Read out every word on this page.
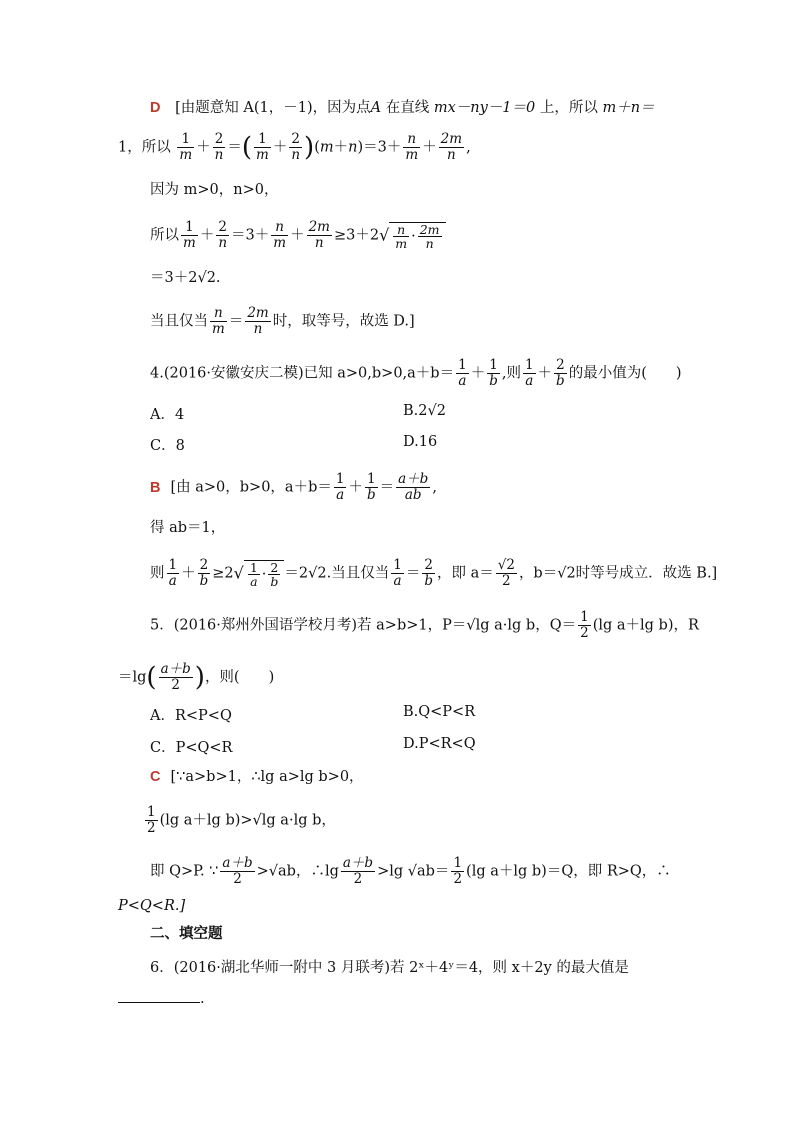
D [由题意知 A(1，－1)，因为点A 在直线 mx－ny－1＝0 上，所以 m＋n＝
1，所以 $\frac{1}{m} + \frac{2}{n}$ ＝( $\frac{1}{m} + \frac{2}{n} )(m+n)=3+ \frac{n}{m} + \frac{2m}{n}$ ,
因为 m>0，n>0，
所以 $\frac{1}{m} + \frac{2}{n} =3+ \frac{n}{m} + \frac{2m}{n} \ge 3+2√ \frac{n}{m} \cdot \frac{2m}{n}$
＝3＋2√2.
当且仅当 $\frac{n}{m} = \frac{2m}{n}$ 时，取等号，故选 D.]
4.(2016·安徽安庆二模)已知 $a>0,b>0,a+b= \frac{1}{a} + \frac{1}{b}$ ,则 $\frac{1}{a} + \frac{2}{b}$ 的最小值为(　　)
A．4	B.2√2
C．8	D.16
B [由 a>0，b>0，$a+b= \frac{1}{a} + \frac{1}{b} = \frac{a+b}{ab}$ ,
得 ab＝1，
则 $\frac{1}{a} + \frac{2}{b} \ge 2√ \frac{1}{a} \cdot \frac{2}{b} =2√2$.当且仅当 $\frac{1}{a} = \frac{2}{b}$ ，即 $a= \frac{√2}{2}$ ，b＝√2时等号成立．故选 B.]
5．(2016·郑州外国语学校月考)若 a>b>1，P＝√lg a·lg b，$Q= \frac{1}{2} (\lg$ a＋lg b)，R
$=\lg( \frac{a+b}{2}$ )，则(　　)
A．R<P<Q	B.Q<P<R
C．P<Q<R	D.P<R<Q
C [∵a>b>1，∴lg a>lg b>0，
$\frac{1}{2} (\lg$ a＋lg b)>√lg a·lg b，
即 Q>P. ∵ $\frac{a+b}{2} >√ab$，∴lg $\frac{a+b}{2} >\lg$ $√ab= \frac{1}{2} (\lg$ a＋lg b)＝Q，即 R>Q，∴
P<Q<R.]
二、填空题
6．(2016·湖北华师一附中 3 月联考)若 2ˣ＋4ʸ＝4，则 x＋2y 的最大值是
.
